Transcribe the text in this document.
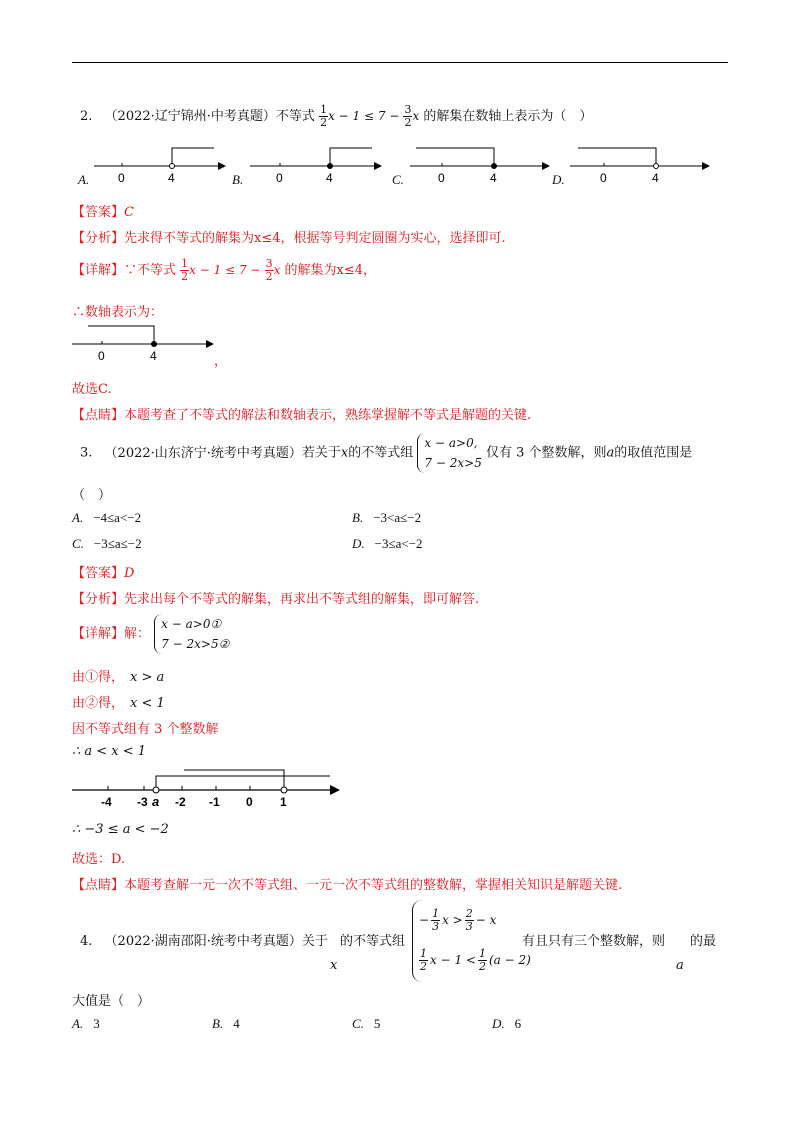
2. （2022·辽宁锦州·中考真题）不等式 $\frac{1}{2}$ $x - 1 \le 7 - \frac{3}{2}$ x 的解集在数轴上表示为（　）
A. 0	4	B.	0	4	C.	0	4	D.	0	4
【答案】C
【分析】先求得不等式的解集为x≤4，根据等号判定圆圈为实心，选择即可.
【详解】∵不等式 $\frac{1}{2}$ $x - 1 \le 7 - \frac{3}{2}$ x 的解集为x≤4，
∴数轴表示为：
0	4	，
故选C.
【点睛】本题考查了不等式的解法和数轴表示，熟练掌握解不等式是解题的关键.
3. （2022·山东济宁·统考中考真题）若关于x的不等式组
x − a>0,
7 − 2x>5
仅有 3 个整数解，则a的取值范围是
（　）
A. −4≤a<−2	B. −3<a≤−2
C. −3≤a≤−2	D. −3≤a<−2
【答案】D
【分析】先求出每个不等式的解集，再求出不等式组的解集，即可解答.
【详解】解：
x − a>0①
7 − 2x>5②
由①得， x > a
由②得， x < 1
因不等式组有 3 个整数解
∴ a < x < 1
-4 -3 a -2 -1 0 1
∴ −3 ≤ a < −2
故选：D.
【点睛】本题考查解一元一次不等式组、一元一次不等式组的整数解，掌握相关知识是解题关键.
4. （2022·湖南邵阳·统考中考真题）关于
x
的不等式组
− $\frac{1}{3}$ $x > \frac{2}{3} - x$
$\frac{1}{2}$ $x - 1 < \frac{1}{2} (a - 2)$
有且只有三个整数解，则
a
的最
大值是（　）
A. 3	B. 4	C. 5	D. 6
